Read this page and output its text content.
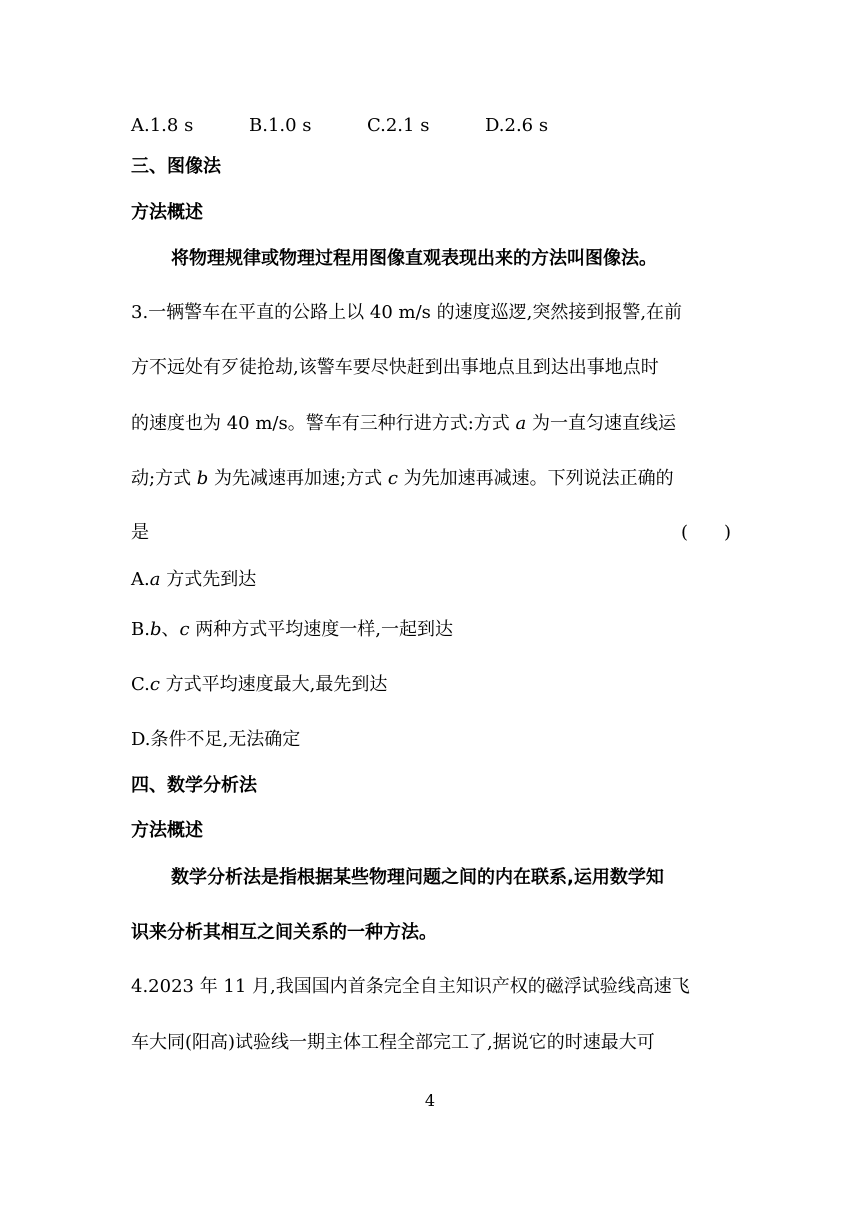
A.1.8 s	B.1.0 s	C.2.1 s	D.2.6 s
三、图像法
方法概述
将物理规律或物理过程用图像直观表现出来的方法叫图像法。
3.一辆警车在平直的公路上以 40 m/s 的速度巡逻,突然接到报警,在前
方不远处有歹徒抢劫,该警车要尽快赶到出事地点且到达出事地点时
的速度也为 40 m/s。警车有三种行进方式:方式 a 为一直匀速直线运
动;方式 b 为先减速再加速;方式 c 为先加速再减速。下列说法正确的
是	(　　)
A.a 方式先到达
B.b、c 两种方式平均速度一样,一起到达
C.c 方式平均速度最大,最先到达
D.条件不足,无法确定
四、数学分析法
方法概述
数学分析法是指根据某些物理问题之间的内在联系,运用数学知
识来分析其相互之间关系的一种方法。
4.2023 年 11 月,我国国内首条完全自主知识产权的磁浮试验线高速飞
车大同(阳高)试验线一期主体工程全部完工了,据说它的时速最大可
4
